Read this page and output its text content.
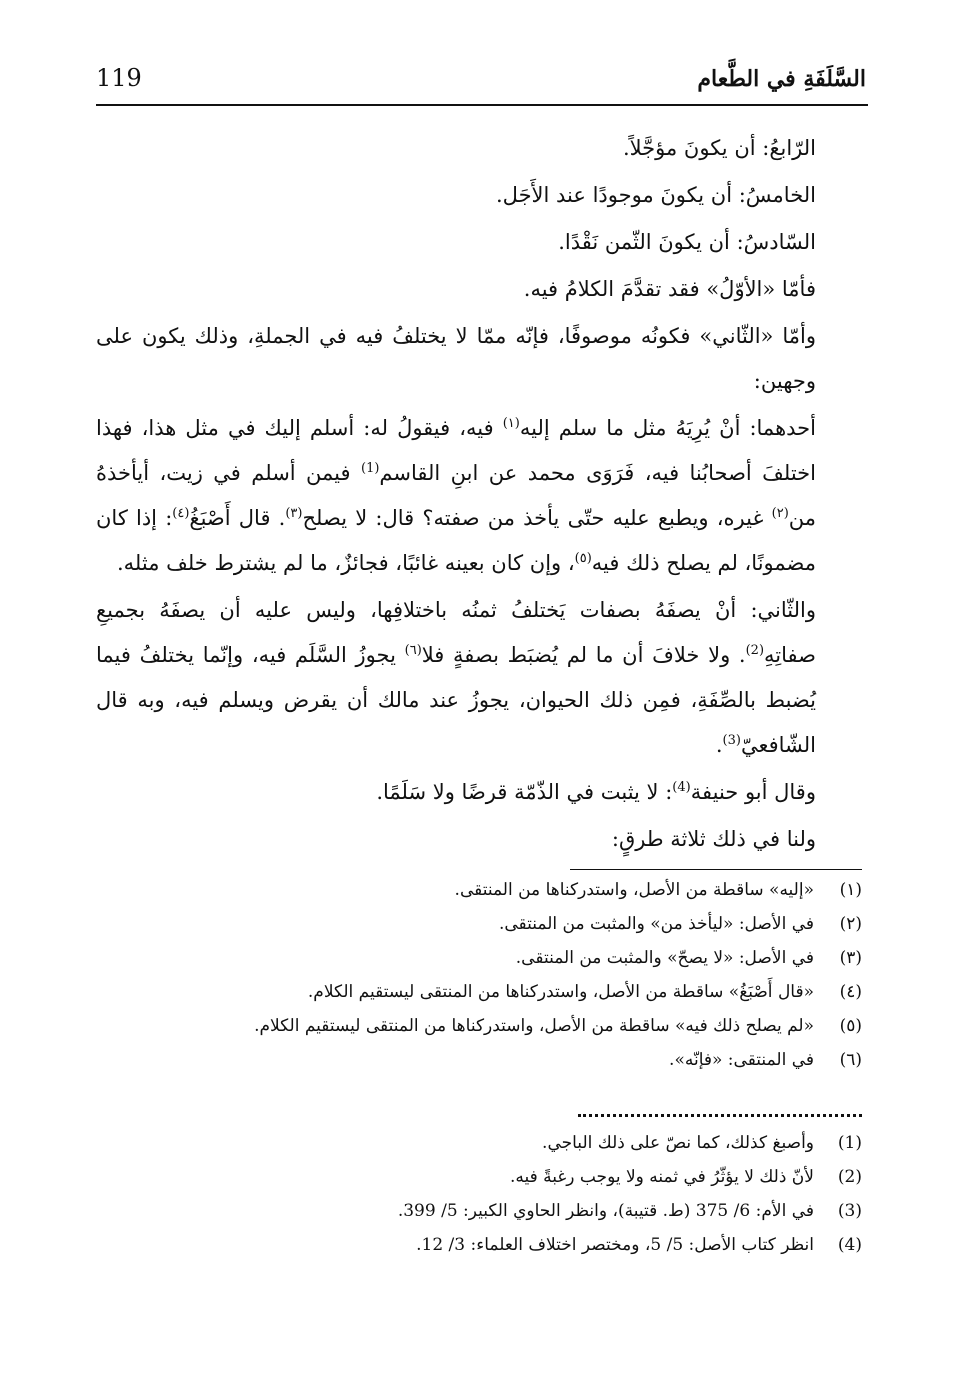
119	السَّلَفَةِ في الطَّعام

الرّابعُ: أن يكونَ مؤجَّلاً.

الخامسُ: أن يكونَ موجودًا عند الأَجَل.

السّادسُ: أن يكونَ الثّمن نَقْدًا.

فأمّا «الأوّلُ» فقد تقدَّمَ الكلامُ فيه.

وأمّا «الثّاني» فكونُه موصوفًا، فإنّه ممّا لا يختلفُ فيه في الجملةِ، وذلك يكون على وجهين:

أحدهما: أنْ يُرِيَهُ مثل ما سلم إليه$^{(١)}$ فيه، فيقولُ له: أسلم إليك في مثل هذا، فهذا اختلفَ أصحابُنا فيه، فَرَوَى محمد عن ابنِ القاسم$^{(1)}$ فيمن أسلم في زيت، أيأخذهُ من$^{(٢)}$ غيره، ويطبع عليه حتّى يأخذ من صفته؟ قال: لا يصلح$^{(٣)}$. قال أَصْبَغُ$^{(٤)}$: إذا كان مضمونًا، لم يصلح ذلك فيه$^{(٥)}$، وإن كان بعينه غائبًا، فجائزٌ، ما لم يشترط خلف مثله.

والثّاني: أنْ يصفَهُ بصفات يَختلفُ ثمنُه باختلافِها، وليس عليه أن يصفَهُ بجميعِ صفاتِهِ$^{(2)}$. ولا خلافَ أن ما لم يُضبَط بصفةٍ فلا$^{(٦)}$ يجوزُ السَّلَم فيه، وإنّما يختلفُ فيما يُضبط بالصِّفَةِ، فمِن ذلك الحيوان، يجوزُ عند مالك أن يقرض ويسلم فيه، وبه قال الشّافعيّ$^{(3)}$.

وقال أبو حنيفة$^{(4)}$: لا يثبت في الذّمّة قرضًا ولا سَلَمًا.

ولنا في ذلك ثلاثة طرقٍ:

(١)
«إليه» ساقطة من الأصل، واستدركناها من المنتقى.
(٢)
في الأصل: «ليأخذ من» والمثبت من المنتقى.
(٣)
في الأصل: «لا يصحّ» والمثبت من المنتقى.
(٤)
«قال أَصْبَغُ» ساقطة من الأصل، واستدركناها من المنتقى ليستقيم الكلام.
(٥)
«لم يصلح ذلك فيه» ساقطة من الأصل، واستدركناها من المنتقى ليستقيم الكلام.
(٦)
في المنتقى: «فإنّه».
(1)
وأصبغ كذلك، كما نصّ على ذلك الباجي.
(2)
لأنّ ذلك لا يؤثّرُ في ثمنه ولا يوجب رغبةً فيه.
(3)
في الأم: 6/ 375 (ط. قتيبة)، وانظر الحاوي الكبير: 5/ 399.
(4)
انظر كتاب الأصل: 5/ 5، ومختصر اختلاف العلماء: 3/ 12.
